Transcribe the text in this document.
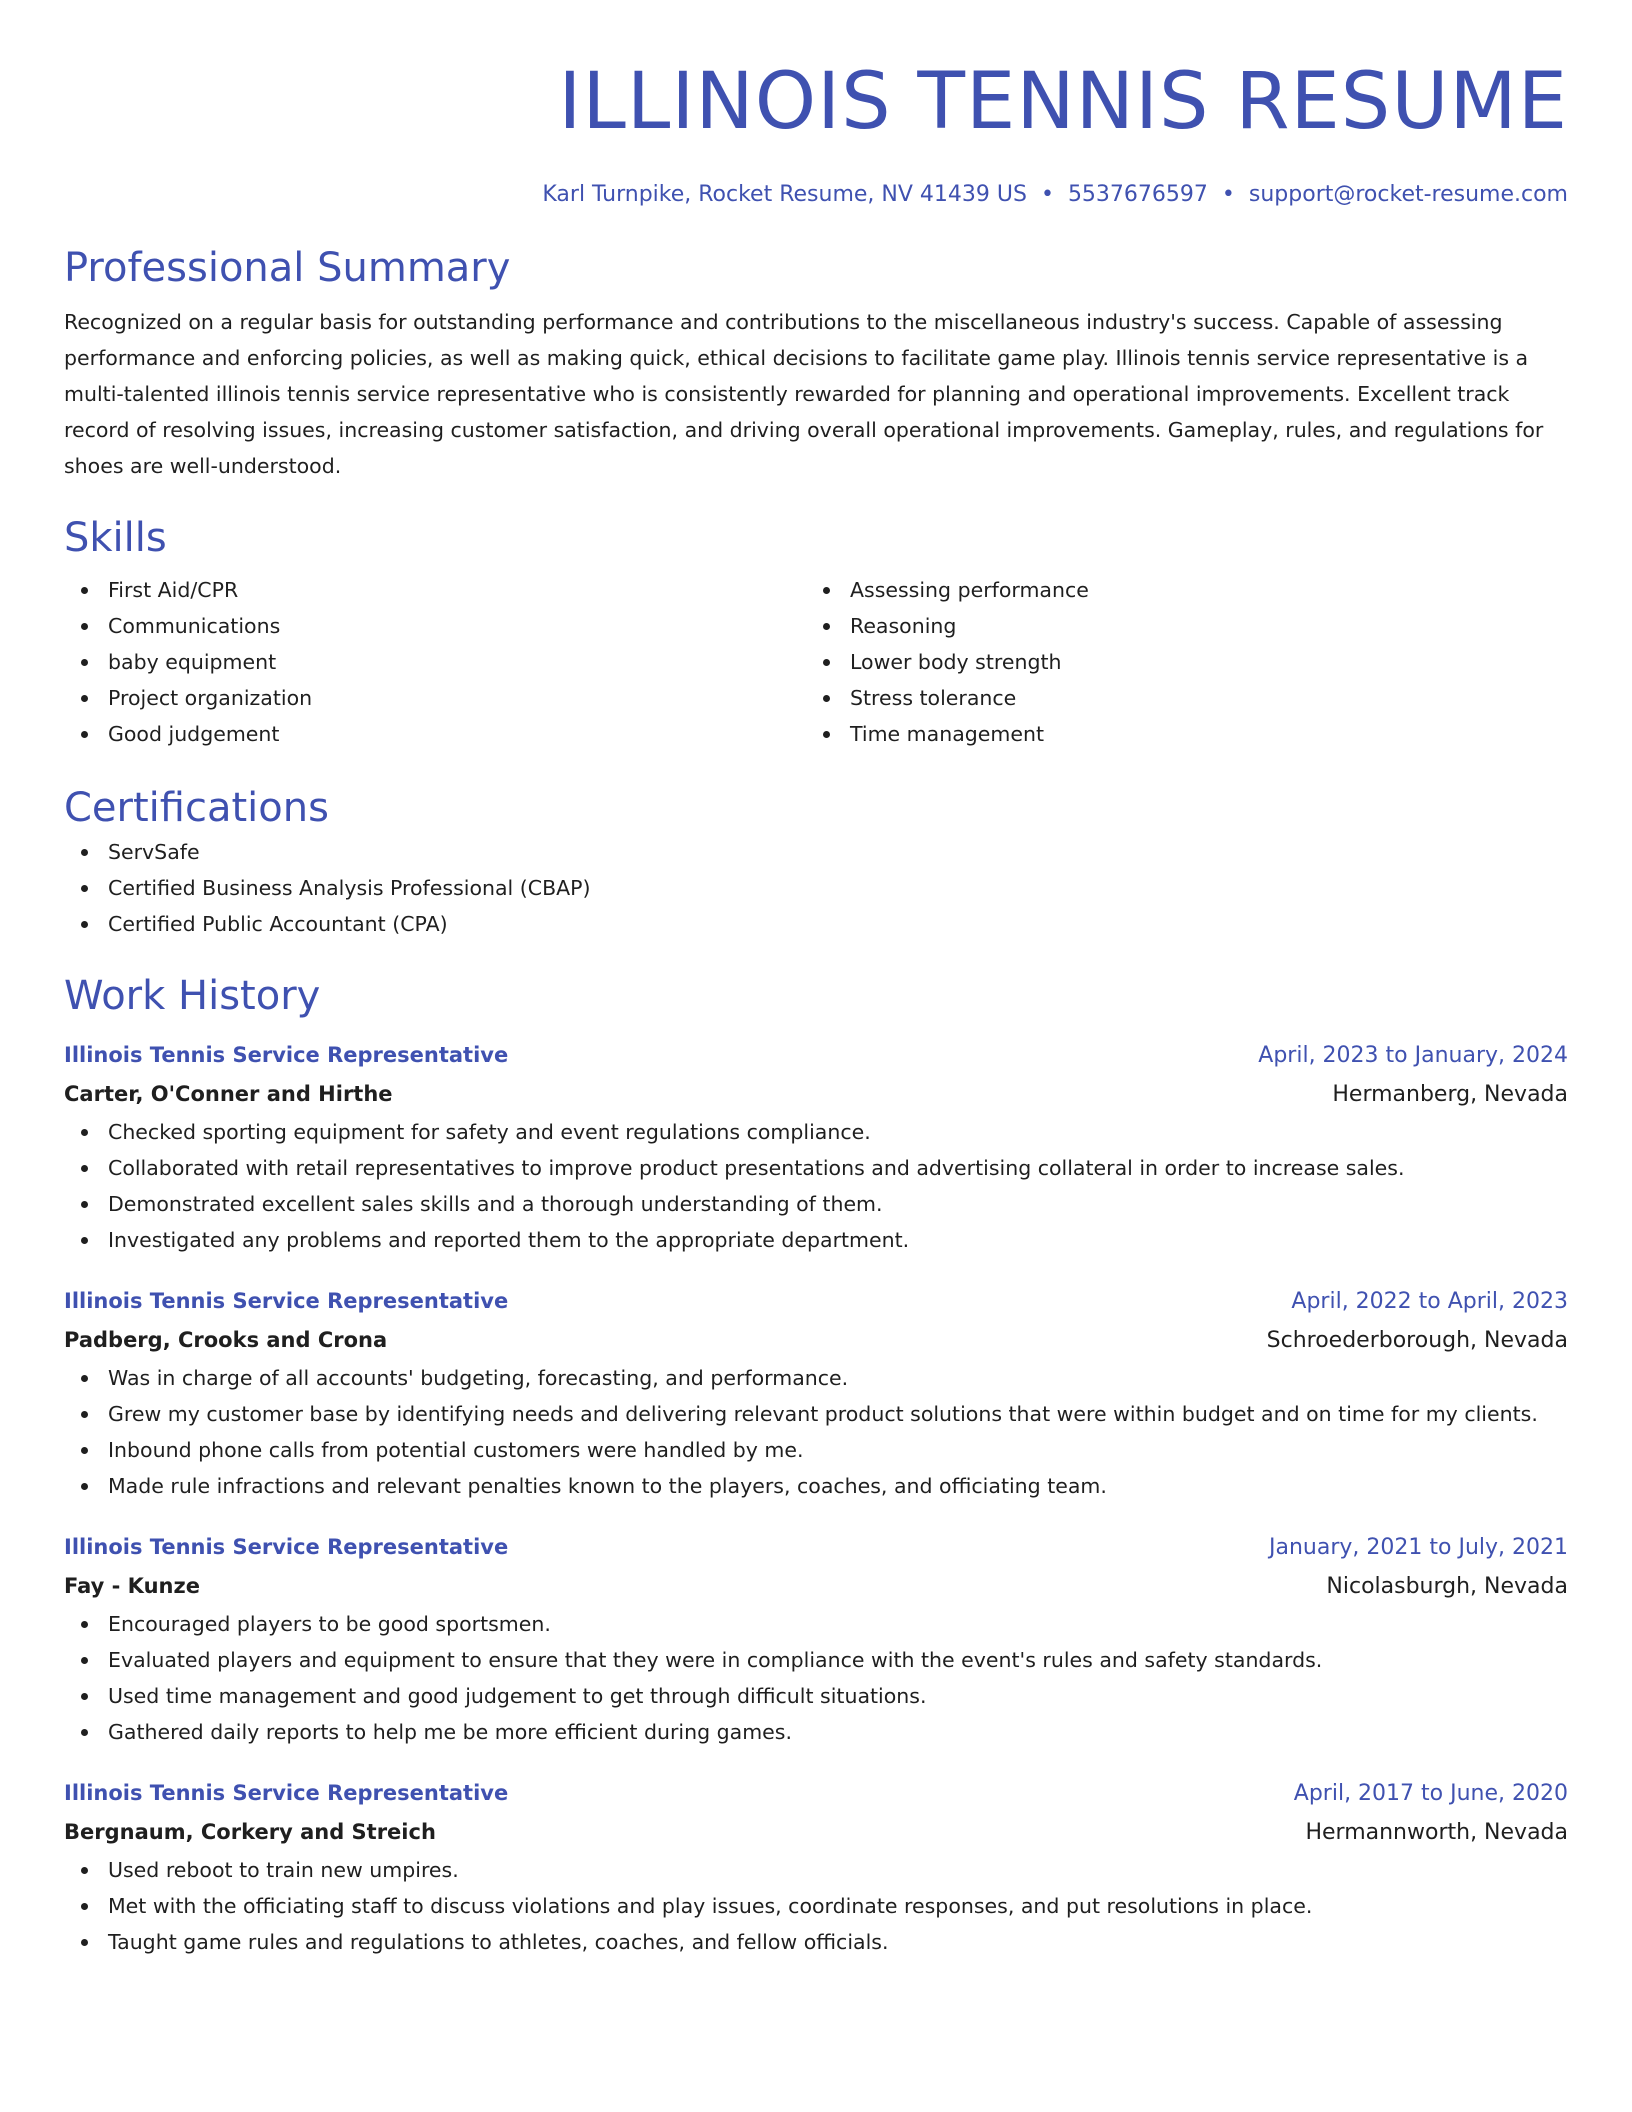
ILLINOIS TENNIS RESUME
Karl Turnpike, Rocket Resume, NV 41439 US • 5537676597 • support@rocket-resume.com
Professional Summary

Recognized on a regular basis for outstanding performance and contributions to the miscellaneous industry's success. Capable of assessing performance and enforcing policies, as well as making quick, ethical decisions to facilitate game play. Illinois tennis service representative is a multi-talented illinois tennis service representative who is consistently rewarded for planning and operational improvements. Excellent track record of resolving issues, increasing customer satisfaction, and driving overall operational improvements. Gameplay, rules, and regulations for shoes are well-understood.

Skills
First Aid/CPR
Communications
baby equipment
Project organization
Good judgement
Assessing performance
Reasoning
Lower body strength
Stress tolerance
Time management
Certifications
ServSafe
Certified Business Analysis Professional (CBAP)
Certified Public Accountant (CPA)
Work History
Illinois Tennis Service Representative	April, 2023 to January, 2024
Carter, O'Conner and Hirthe	Hermanberg, Nevada
Checked sporting equipment for safety and event regulations compliance.
Collaborated with retail representatives to improve product presentations and advertising collateral in order to increase sales.
Demonstrated excellent sales skills and a thorough understanding of them.
Investigated any problems and reported them to the appropriate department.
Illinois Tennis Service Representative	April, 2022 to April, 2023
Padberg, Crooks and Crona	Schroederborough, Nevada
Was in charge of all accounts' budgeting, forecasting, and performance.
Grew my customer base by identifying needs and delivering relevant product solutions that were within budget and on time for my clients.
Inbound phone calls from potential customers were handled by me.
Made rule infractions and relevant penalties known to the players, coaches, and officiating team.
Illinois Tennis Service Representative	January, 2021 to July, 2021
Fay - Kunze	Nicolasburgh, Nevada
Encouraged players to be good sportsmen.
Evaluated players and equipment to ensure that they were in compliance with the event's rules and safety standards.
Used time management and good judgement to get through difficult situations.
Gathered daily reports to help me be more efficient during games.
Illinois Tennis Service Representative	April, 2017 to June, 2020
Bergnaum, Corkery and Streich	Hermannworth, Nevada
Used reboot to train new umpires.
Met with the officiating staff to discuss violations and play issues, coordinate responses, and put resolutions in place.
Taught game rules and regulations to athletes, coaches, and fellow officials.
